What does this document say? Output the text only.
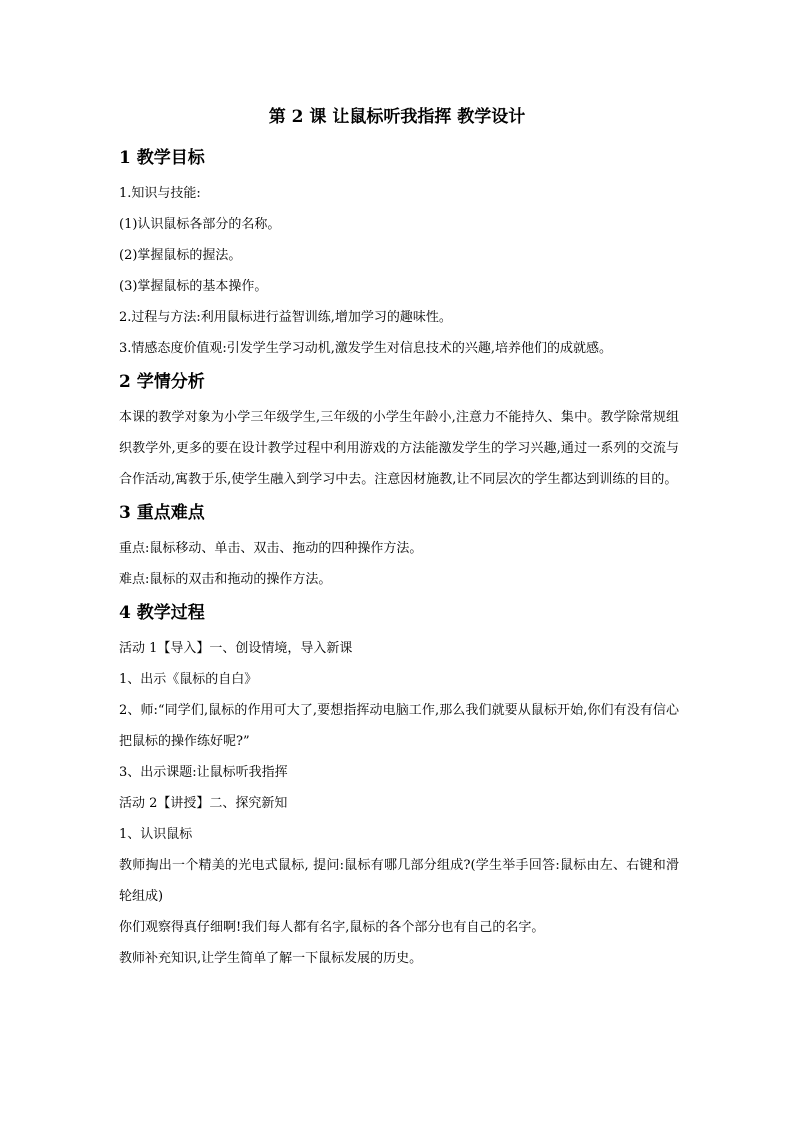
第 2 课 让鼠标听我指挥 教学设计
1 教学目标

1.知识与技能:

(1)认识鼠标各部分的名称。

(2)掌握鼠标的握法。

(3)掌握鼠标的基本操作。

2.过程与方法:利用鼠标进行益智训练,增加学习的趣味性。

3.情感态度价值观:引发学生学习动机,激发学生对信息技术的兴趣,培养他们的成就感。

2 学情分析

本课的教学对象为小学三年级学生,三年级的小学生年龄小,注意力不能持久、集中。教学除常规组织教学外,更多的要在设计教学过程中利用游戏的方法能激发学生的学习兴趣,通过一系列的交流与合作活动,寓教于乐,使学生融入到学习中去。注意因材施教,让不同层次的学生都达到训练的目的。

3 重点难点

重点:鼠标移动、单击、双击、拖动的四种操作方法。

难点:鼠标的双击和拖动的操作方法。

4 教学过程

活动 1【导入】一、创设情境，导入新课

1、出示《鼠标的自白》

2、师:“同学们,鼠标的作用可大了,要想指挥动电脑工作,那么我们就要从鼠标开始,你们有没有信心把鼠标的操作练好呢?”

3、出示课题:让鼠标听我指挥

活动 2【讲授】二、探究新知

1、认识鼠标

教师掏出一个精美的光电式鼠标, 提问:鼠标有哪几部分组成?(学生举手回答:鼠标由左、右键和滑轮组成)

你们观察得真仔细啊!我们每人都有名字,鼠标的各个部分也有自己的名字。

教师补充知识,让学生简单了解一下鼠标发展的历史。
